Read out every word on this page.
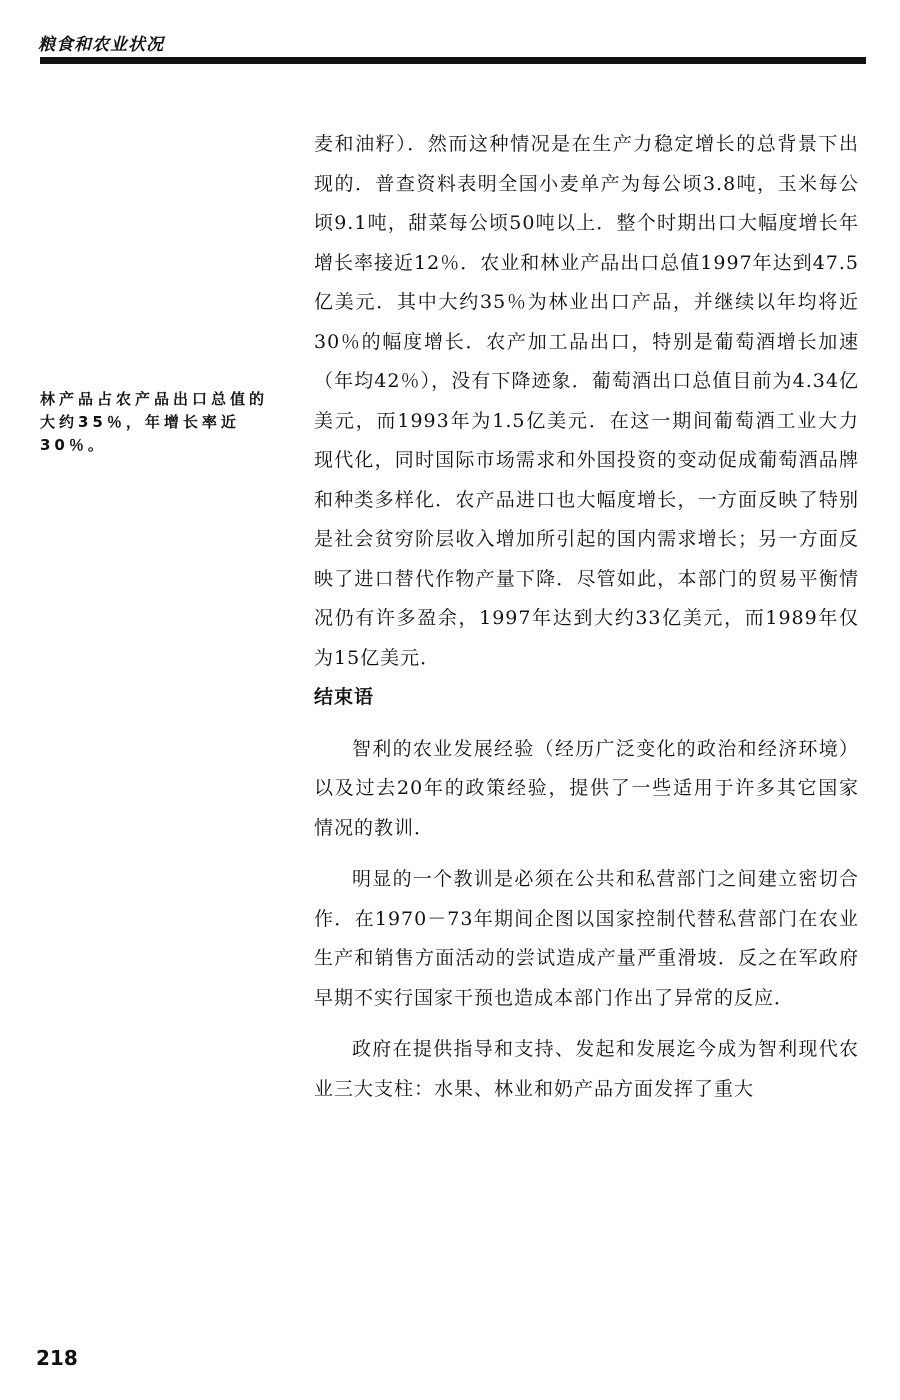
粮食和农业状况
林产品占农产品出口总值的大约35％，年增长率近30％。

麦和油籽）．然而这种情况是在生产力稳定增长的总背景下出现的．普查资料表明全国小麦单产为每公顷3.8吨，玉米每公顷9.1吨，甜菜每公顷50吨以上．整个时期出口大幅度增长年增长率接近12％．农业和林业产品出口总值1997年达到47.5亿美元．其中大约35％为林业出口产品，并继续以年均将近30％的幅度增长．农产加工品出口，特别是葡萄酒增长加速（年均42％），没有下降迹象．葡萄酒出口总值目前为4.34亿美元，而1993年为1.5亿美元．在这一期间葡萄酒工业大力现代化，同时国际市场需求和外国投资的变动促成葡萄酒品牌和种类多样化．农产品进口也大幅度增长，一方面反映了特别是社会贫穷阶层收入增加所引起的国内需求增长；另一方面反映了进口替代作物产量下降．尽管如此，本部门的贸易平衡情况仍有许多盈余，1997年达到大约33亿美元，而1989年仅为15亿美元．

结束语

智利的农业发展经验（经历广泛变化的政治和经济环境）以及过去20年的政策经验，提供了一些适用于许多其它国家情况的教训．

明显的一个教训是必须在公共和私营部门之间建立密切合作．在1970－73年期间企图以国家控制代替私营部门在农业生产和销售方面活动的尝试造成产量严重滑坡．反之在军政府早期不实行国家干预也造成本部门作出了异常的反应．

政府在提供指导和支持、发起和发展迄今成为智利现代农业三大支柱：水果、林业和奶产品方面发挥了重大

218
